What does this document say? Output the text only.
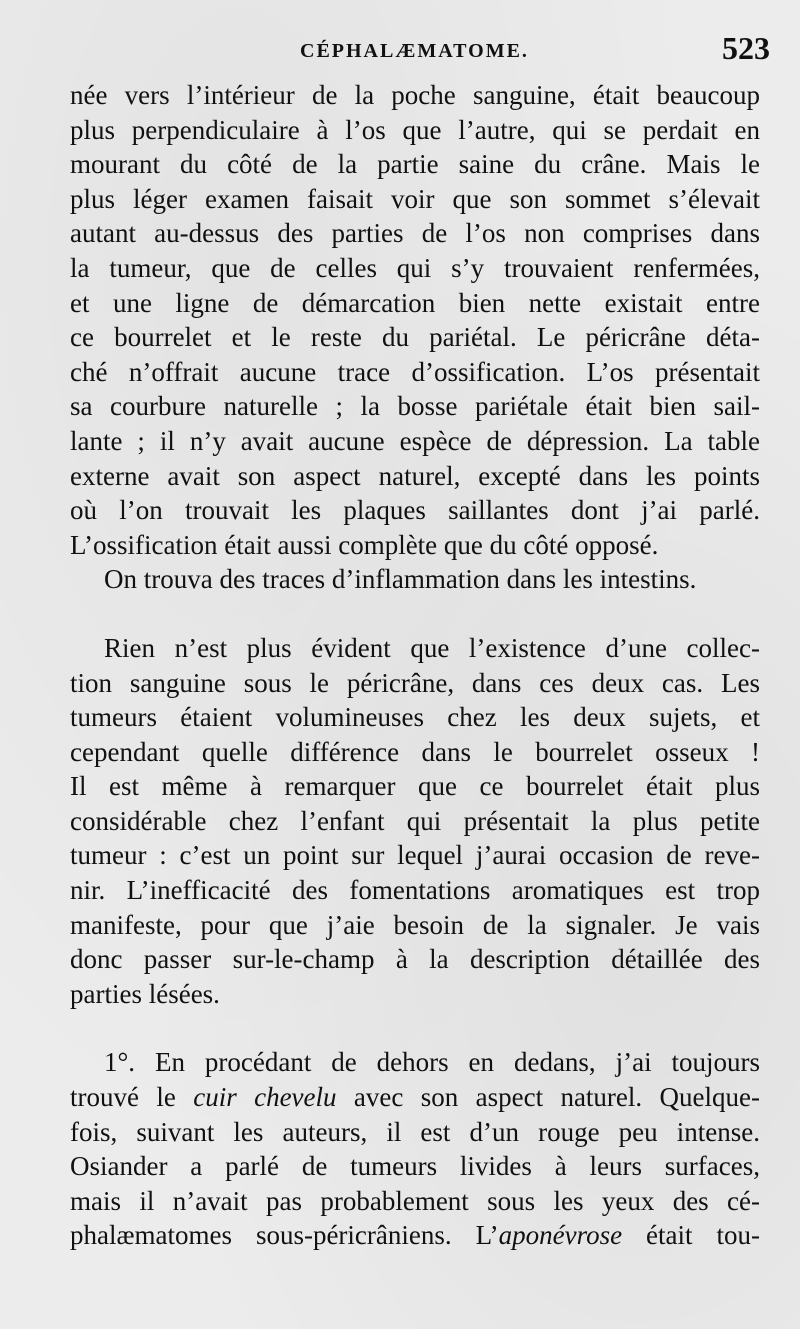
CÉPHALÆMATOME.	523
née vers l’intérieur de la poche sanguine, était beaucoup
plus perpendiculaire à l’os que l’autre, qui se perdait en
mourant du côté de la partie saine du crâne. Mais le
plus léger examen faisait voir que son sommet s’élevait
autant au-dessus des parties de l’os non comprises dans
la tumeur, que de celles qui s’y trouvaient renfermées,
et une ligne de démarcation bien nette existait entre
ce bourrelet et le reste du pariétal. Le péricrâne déta-
ché n’offrait aucune trace d’ossification. L’os présentait
sa courbure naturelle ; la bosse pariétale était bien sail-
lante ; il n’y avait aucune espèce de dépression. La table
externe avait son aspect naturel, excepté dans les points
où l’on trouvait les plaques saillantes dont j’ai parlé.
L’ossification était aussi complète que du côté opposé.
On trouva des traces d’inflammation dans les intestins.
Rien n’est plus évident que l’existence d’une collec-
tion sanguine sous le péricrâne, dans ces deux cas. Les
tumeurs étaient volumineuses chez les deux sujets, et
cependant quelle différence dans le bourrelet osseux !
Il est même à remarquer que ce bourrelet était plus
considérable chez l’enfant qui présentait la plus petite
tumeur : c’est un point sur lequel j’aurai occasion de reve-
nir. L’inefficacité des fomentations aromatiques est trop
manifeste, pour que j’aie besoin de la signaler. Je vais
donc passer sur-le-champ à la description détaillée des
parties lésées.
1°. En procédant de dehors en dedans, j’ai toujours
trouvé le cuir chevelu avec son aspect naturel. Quelque-
fois, suivant les auteurs, il est d’un rouge peu intense.
Osiander a parlé de tumeurs livides à leurs surfaces,
mais il n’avait pas probablement sous les yeux des cé-
phalæmatomes sous-péricrâniens. L’aponévrose était tou-
